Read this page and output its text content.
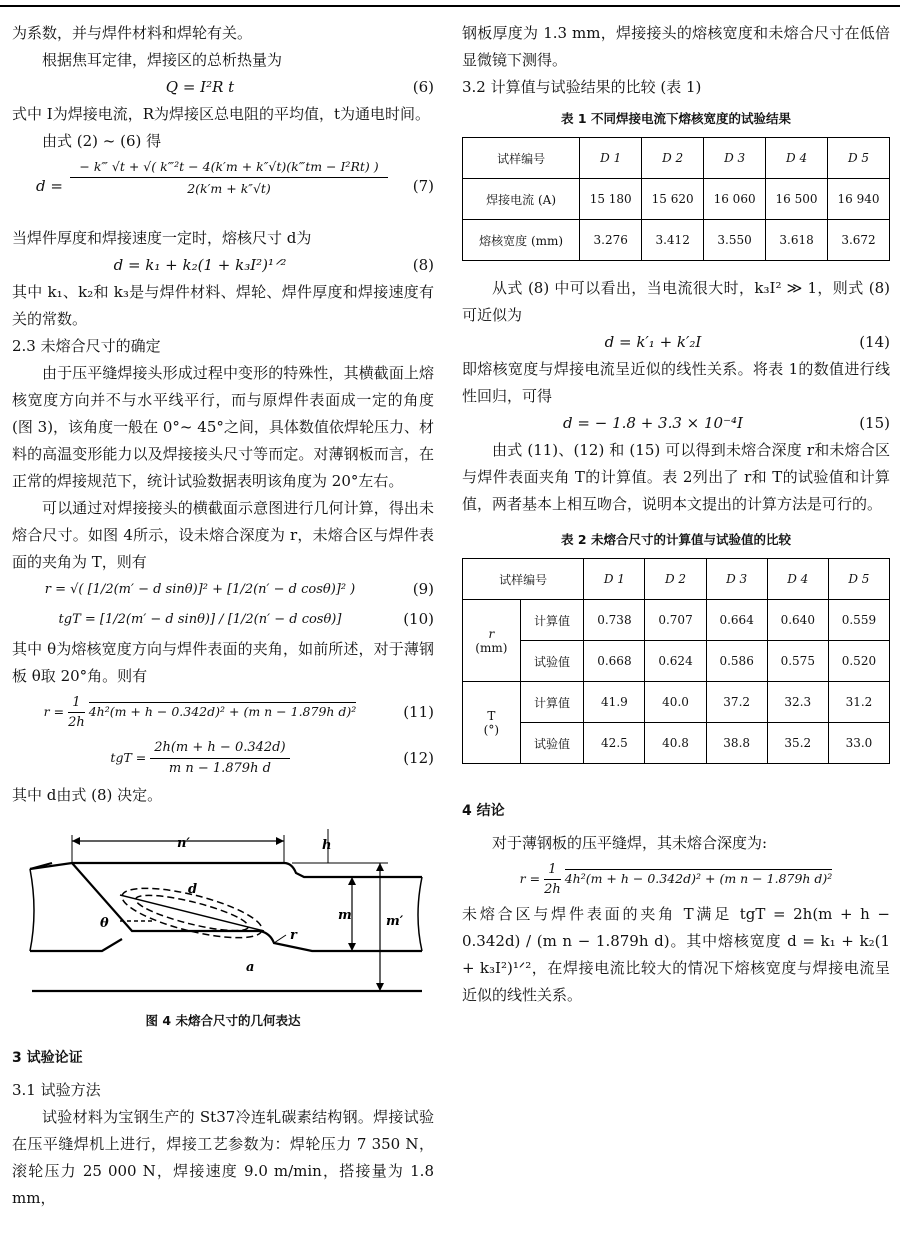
为系数，并与焊件材料和焊轮有关。

根据焦耳定律，焊接区的总析热量为

Q = I²R t	(6)

式中 I为焊接电流，R为焊接区总电阻的平均值，t为通电时间。

由式 (2) ~ (6) 得

d =
− k‴ √t + √( k‴²t − 4(k′m + k″√t)(k‴tm − I²Rt) )
2(k′m + k″√t)	(7)

当焊件厚度和焊接速度一定时，熔核尺寸 d为

d = k₁ + k₂(1 + k₃I²)¹ᐟ²	(8)

其中 k₁、k₂和 k₃是与焊件材料、焊轮、焊件厚度和焊接速度有关的常数。

2.3 未熔合尺寸的确定

由于压平缝焊接头形成过程中变形的特殊性，其横截面上熔核宽度方向并不与水平线平行，而与原焊件表面成一定的角度 (图 3)，该角度一般在 0°~ 45°之间，具体数值依焊轮压力、材料的高温变形能力以及焊接接头尺寸等而定。对薄钢板而言，在正常的焊接规范下，统计试验数据表明该角度为 20°左右。

可以通过对焊接接头的横截面示意图进行几何计算，得出未熔合尺寸。如图 4所示，设未熔合深度为 r，未熔合区与焊件表面的夹角为 T，则有

r = √( [1/2(m′ − d sinθ)]² + [1/2(n′ − d cosθ)]² )	(9)
tgT = [1/2(m′ − d sinθ)] / [1/2(n′ − d cosθ)]	(10)

其中 θ为熔核宽度方向与焊件表面的夹角，如前所述，对于薄钢板 θ取 20°角。则有

$r = \frac{1}{2h} 4h^2(m + h - 0.342d)^2 + (m$ n − 1.879h d)²	(11)
tgT = $\frac{2h(m + h - 0.342d)}{\text{m n − 1.879h d}}$	(12)

其中 d由式 (8) 决定。

n′	h
d
θ
m	m′
r
a
图 4 未熔合尺寸的几何表达
3 试验论证

3.1 试验方法

试验材料为宝钢生产的 St37冷连轧碳素结构钢。焊接试验在压平缝焊机上进行，焊接工艺参数为：焊轮压力 7 350 N，滚轮压力 25 000 N，焊接速度 9.0 m/min，搭接量为 1.8 mm，

钢板厚度为 1.3 mm，焊接接头的熔核宽度和未熔合尺寸在低倍显微镜下测得。

3.2 计算值与试验结果的比较 (表 1)

表 1 不同焊接电流下熔核宽度的试验结果
试样编号	D 1	D 2	D 3	D 4	D 5
焊接电流 (A)	15 180	15 620	16 060	16 500	16 940
熔核宽度 (mm)	3.276	3.412	3.550	3.618	3.672

从式 (8) 中可以看出，当电流很大时，k₃I² ≫ 1，则式 (8) 可近似为

d = k′₁ + k′₂I	(14)

即熔核宽度与焊接电流呈近似的线性关系。将表 1的数值进行线性回归，可得

d = − 1.8 + 3.3 × 10⁻⁴I	(15)

由式 (11)、(12) 和 (15) 可以得到未熔合深度 r和未熔合区与焊件表面夹角 T的计算值。表 2列出了 r和 T的试验值和计算值，两者基本上相互吻合，说明本文提出的计算方法是可行的。

表 2 未熔合尺寸的计算值与试验值的比较
试样编号		D 1	D 2	D 3	D 4	D 5

r
(mm)	计算值	0.738	0.707	0.664	0.640	0.559
	试验值	0.668	0.624	0.586	0.575	0.520

T
(°)	计算值	41.9	40.0	37.2	32.3	31.2
	试验值	42.5	40.8	38.8	35.2	33.0
4 结论

对于薄钢板的压平缝焊，其未熔合深度为:

$r = \frac{1}{2h} 4h^2(m + h - 0.342d)^2 + (m$ n − 1.879h d)²

未熔合区与焊件表面的夹角 T满足 tgT = 2h(m + h − 0.342d) / (m n − 1.879h d)。其中熔核宽度 d = k₁ + k₂(1 + k₃I²)¹ᐟ²，在焊接电流比较大的情况下熔核宽度与焊接电流呈近似的线性关系。
